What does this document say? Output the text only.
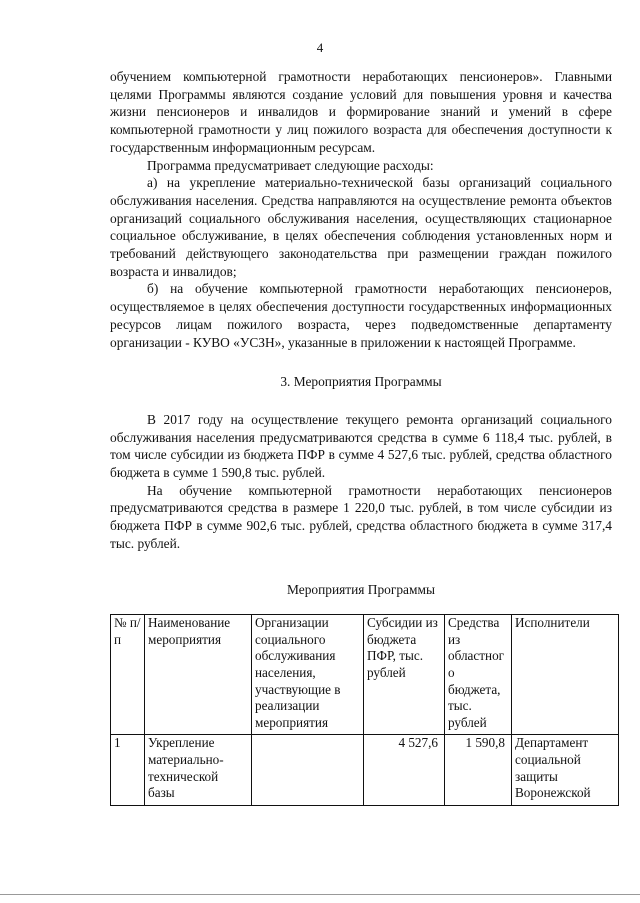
4

обучением компьютерной грамотности неработающих пенсионеров». Главными целями Программы являются создание условий для повышения уровня и качества жизни пенсионеров и инвалидов и формирование знаний и умений в сфере компьютерной грамотности у лиц пожилого возраста для обеспечения доступности к государственным информационным ресурсам.

Программа предусматривает следующие расходы:

а) на укрепление материально-технической базы организаций социального обслуживания населения. Средства направляются на осуществление ремонта объектов организаций социального обслуживания населения, осуществляющих стационарное социальное обслуживание, в целях обеспечения соблюдения установленных норм и требований действующего законодательства при размещении граждан пожилого возраста и инвалидов;

б) на обучение компьютерной грамотности неработающих пенсионеров, осуществляемое в целях обеспечения доступности государственных информационных ресурсов лицам пожилого возраста, через подведомственные департаменту организации - КУВО «УСЗН», указанные в приложении к настоящей Программе.

3. Мероприятия Программы

В 2017 году на осуществление текущего ремонта организаций социального обслуживания населения предусматриваются средства в сумме 6 118,4 тыс. рублей, в том числе субсидии из бюджета ПФР в сумме 4 527,6 тыс. рублей, средства областного бюджета в сумме 1 590,8 тыс. рублей.

На обучение компьютерной грамотности неработающих пенсионеров предусматриваются средства в размере 1 220,0 тыс. рублей, в том числе субсидии из бюджета ПФР в сумме 902,6 тыс. рублей, средства областного бюджета в сумме 317,4 тыс. рублей.

Мероприятия Программы

№ п/п	Наименование мероприятия	Организации социального обслуживания населения, участвующие в реализации мероприятия	Субсидии из бюджета ПФР, тыс. рублей	Средства из областного бюджета, тыс. рублей	Исполнители
1	Укрепление материально-технической базы		4 527,6	1 590,8	Департамент социальной защиты Воронежской
